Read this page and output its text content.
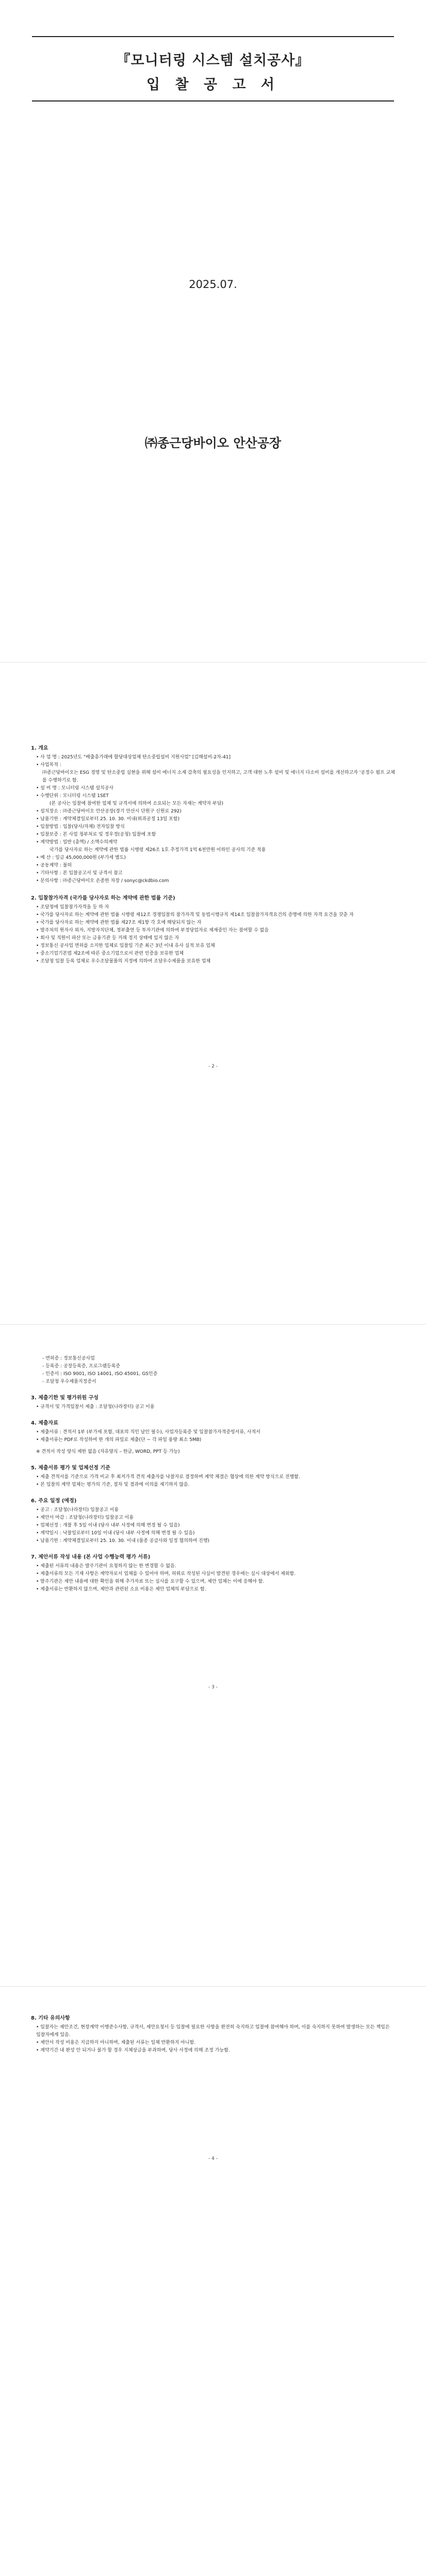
『모니터링 시스템 설치공사』
입 찰 공 고 서
2025.07.
㈜종근당바이오 안산공장
1. 개요
• 사 업 명 : 2025년도 "배출총가래에 할당대상업체 탄소중립설비 지원사업" [김해설비-2차-41]
• 사업목적 :
㈜종근당바이오는 ESG 경영 및 탄소중립 실현을 위해 설비 에너지 소재 감축의 필요성을 인지하고, 고객 대한 노후 설비 및 에너지 다소비 설비를 개선하고자 '공정수 펌프 교체를 수행하기로 함.
• 설 비 명 : 모니터링 시스템 설치공사
• 수행단위 : 모니터링 시스템 1SET
(본 공사는 입찰에 참여한 업체 및 규격서에 의하여 소요되는 모든 자재는 계약자 부담)
• 설치장소 : ㈜종근당바이오 안산공장(경기 안산시 단원구 신원로 292)
• 납품기한 : 계약체결일로부터 25. 10. 30. 이내(위과공정 13일 포함)
• 입찰방법 : 입찰(당사/자체) 전자입찰 방식
• 입찰보증 : 본 사업 청부처로 및 정우정(공청) 입찰에 포함
• 계약방법 : 일반 (총액) / 소액수의계약
국가를 당사자로 하는 계약에 관한 법률 시행령 제26조 1호 추정가격 1억 6천만원 이하인 공사의 기준 적용
• 예 산 : 일금 45,000,000원 (부가세 별도)
• 공동계약 : 불허
• 기타사항 : 본 입찰공고서 및 규격서 참고
• 문의사항 : ㈜종근당바이오 손종한 차장 / sonyc@ckdbio.com
2. 입찰참가자격 (국가를 당사자로 하는 계약에 관한 법률 기준)
• 조달청에 입찰참가자격을 등 하 자
• 국가를 당사자로 하는 계약에 관한 법률 시행령 제12조 경쟁입찰의 참가자격 및 동법시행규칙 제14조 입찰참가자격요건의 증명에 의한 자격 요건을 갖춘 자
• 국가를 당사자로 하는 계약에 관한 법률 제27조 제1항 각 호에 해당되지 않는 자
• 발주처의 원자사 외자, 지방자치단체, 정부출연 등 투자기관에 의하여 부정당업자로 제재중인 자는 참여할 수 없음
• 회사 및 직원이 파산 또는 금융기관 등 거래 정지 상태에 있지 않은 자
• 정보통신 공사업 면허를 소지한 업체로 입찰일 기준 최근 3년 이내 유사 실적 보유 업체
• 중소기업기본법 제2조에 따른 중소기업으로서 관련 인증을 보유한 업체
• 조달청 입찰 등록 업체로 우수조달물품의 지정에 의하여 조달우수제품을 보유한 업체
- 2 -
- 면허증 : 정보통신공사업
- 등록증 : 공장등록증, 프로그램등록증
- 인증서 : ISO 9001, ISO 14001, ISO 45001, GS인증
- 조달청 우수제품지정증서
3. 제출기한 및 평가위원 구성
• 규격서 및 가격입찰서 제출 : 조달청(나라장터) 공고 이용
4. 제출자료
• 제출서류 : 견적서 1부 (부가세 포함, 대표의 직인 날인 필수), 사업자등록증 및 입찰참가자격증빙서류, 사적서
• 제출서류는 PDF로 작성하여 한 개의 파일로 제출(단 ~ 각 파일 용량 최소 5MB)
※ 견적서 작성 양식 제한 없음 (자유양식 – 한글, WORD, PPT 등 가능)
5. 제출서류 평가 및 업체선정 기준
• 제출 견적서를 기준으로 가격 비교 후 최저가격 견적 제출자를 낙찰자로 결정하며 계약 체결은 협상에 의한 계약 방식으로 진행함.
• 본 입찰의 계약 업체는 평가의 기준, 절차 및 결과에 이의를 제기하지 않음.
6. 주요 일정 (예정)
• 공고 : 조달청(나라장터) 입찰공고 이용
• 제안서 마감 : 조달청(나라장터) 입찰공고 이용
• 업체선정 : 개찰 후 5일 이내 (당사 내부 사정에 의해 변경 될 수 있음)
• 계약일시 : 낙찰일로부터 10일 이내 (당사 내부 사정에 의해 변경 될 수 있음)
• 납품기한 : 계약체결일로부터 25. 10. 30. 이내 (품종 공급사와 일정 협의하여 진행)
7. 제안서류 작성 내용 (본 사업 수행능력 평가 서류)
• 제출된 서류의 내용은 발주기관이 요청하지 않는 한 변경할 수 없음.
• 제출서류의 모든 기재 사항은 계약자로서 업체를 수 있어야 하며, 허위로 작성된 사실이 발견된 경우에는 실시 대상에서 제외함.
• 발주기관은 제안 내용에 대한 확인을 위해 추가자료 또는 실사를 요구할 수 있으며, 제안 업체는 이에 응해야 함.
• 제출서류는 반환하지 않으며, 제안과 관련된 소요 비용은 제안 업체의 부담으로 함.
- 3 -
8. 기타 유의사항
• 입찰자는 제안조건, 현장계약 이행준수사항, 규격서, 제안요청서 등 입찰에 필요한 사항을 완전히 숙지하고 입찰에 참여해야 하며, 이를 숙지하지 못하여 발생하는 모든 책임은 입찰자에게 있음.
• 제안서 작성 비용은 지급하지 아니하며, 제출된 서류는 일체 반환하지 아니함.
• 계약기간 내 완성 안 되거나 불가 할 경우 지체상금을 부과하며, 당사 사정에 의해 조정 가능함.
- 4 -
